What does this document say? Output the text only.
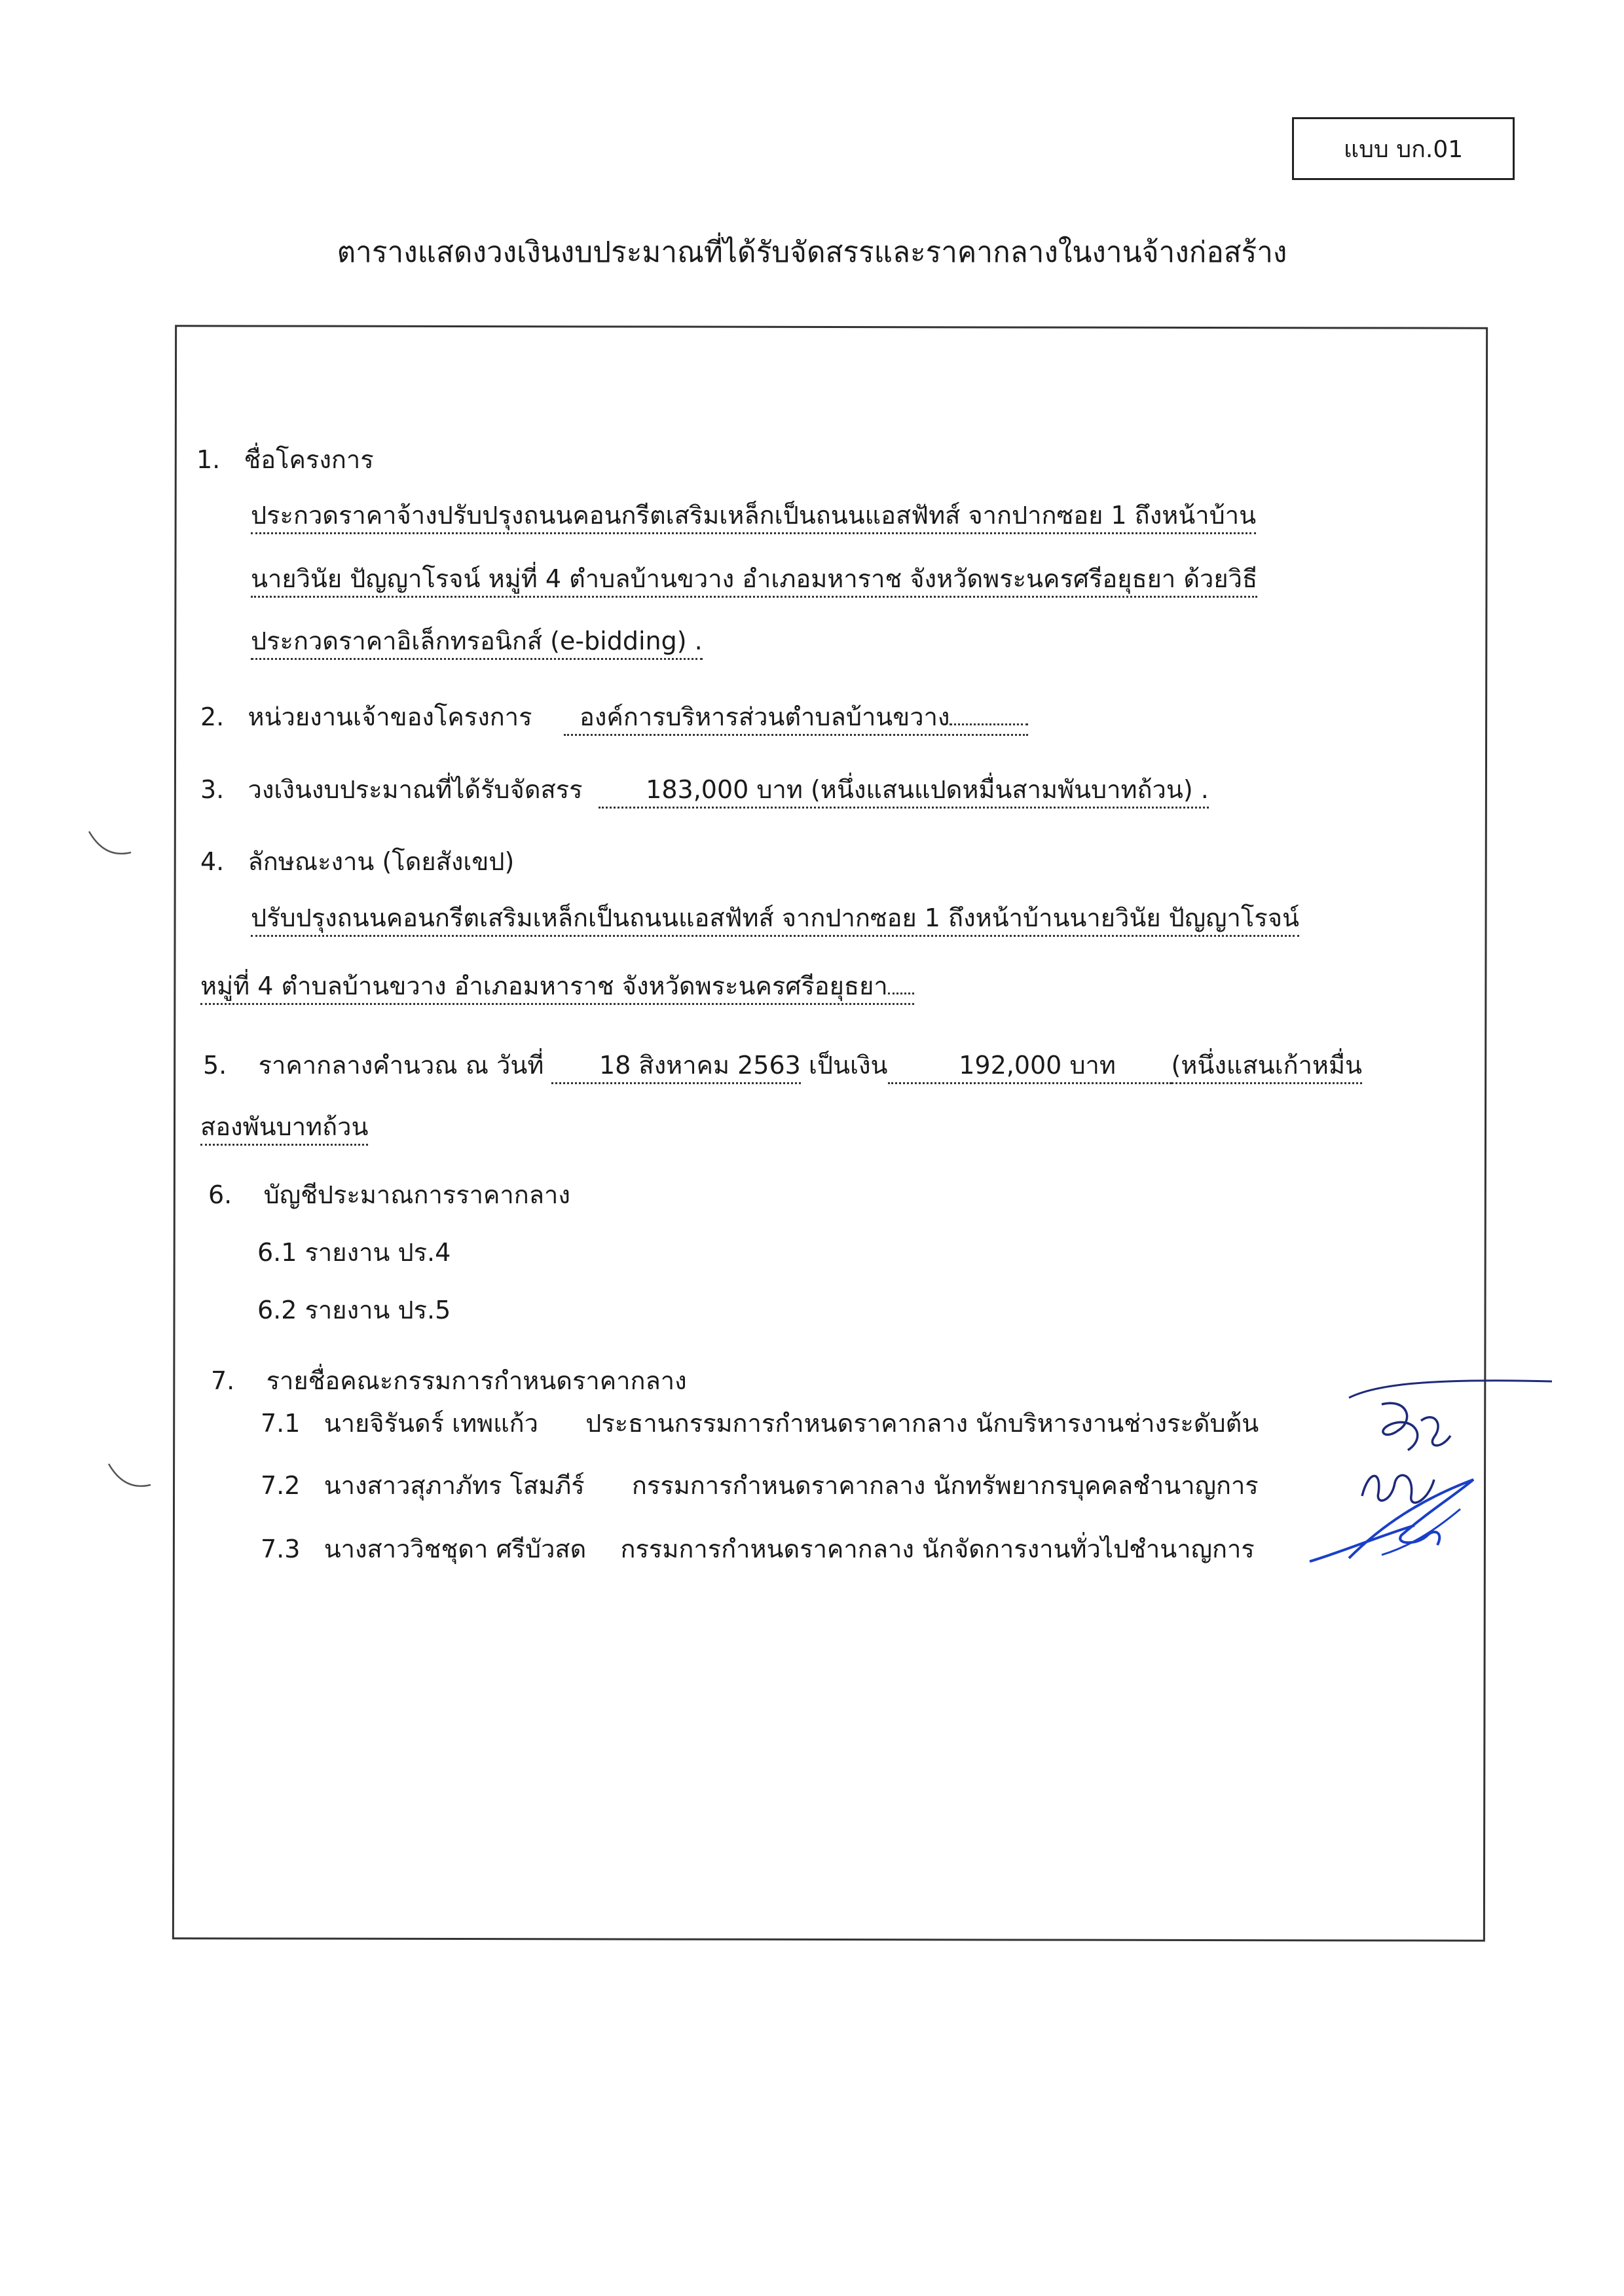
แบบ บก.01
ตารางแสดงวงเงินงบประมาณที่ได้รับจัดสรรและราคากลางในงานจ้างก่อสร้าง
1. ชื่อโครงการ
ประกวดราคาจ้างปรับปรุงถนนคอนกรีตเสริมเหล็กเป็นถนนแอสฟัทส์ จากปากซอย 1 ถึงหน้าบ้าน
นายวินัย ปัญญาโรจน์ หมู่ที่ 4 ตำบลบ้านขวาง อำเภอมหาราช จังหวัดพระนครศรีอยุธยา ด้วยวิธี
ประกวดราคาอิเล็กทรอนิกส์ (e-bidding) .
2. หน่วยงานเจ้าของโครงการ องค์การบริหารส่วนตำบลบ้านขวาง
3. วงเงินงบประมาณที่ได้รับจัดสรร	183,000 บาท (หนึ่งแสนแปดหมื่นสามพันบาทถ้วน) .
4. ลักษณะงาน (โดยสังเขป)
ปรับปรุงถนนคอนกรีตเสริมเหล็กเป็นถนนแอสฟัทส์ จากปากซอย 1 ถึงหน้าบ้านนายวินัย ปัญญาโรจน์
หมู่ที่ 4 ตำบลบ้านขวาง อำเภอมหาราช จังหวัดพระนครศรีอยุธยา
5. ราคากลางคำนวณ ณ วันที่ 18 สิงหาคม 2563 เป็นเงิน	192,000 บาท (หนึ่งแสนเก้าหมื่น
สองพันบาทถ้วน
6. บัญชีประมาณการราคากลาง
6.1 รายงาน ปร.4
6.2 รายงาน ปร.5
7. รายชื่อคณะกรรมการกำหนดราคากลาง
7.1 นายจิรันดร์ เทพแก้ว ประธานกรรมการกำหนดราคากลาง นักบริหารงานช่างระดับต้น
7.2 นางสาวสุภาภัทร โสมภีร์ กรรมการกำหนดราคากลาง นักทรัพยากรบุคคลชำนาญการ
7.3 นางสาววิชชุดา ศรีบัวสด กรรมการกำหนดราคากลาง นักจัดการงานทั่วไปชำนาญการ
